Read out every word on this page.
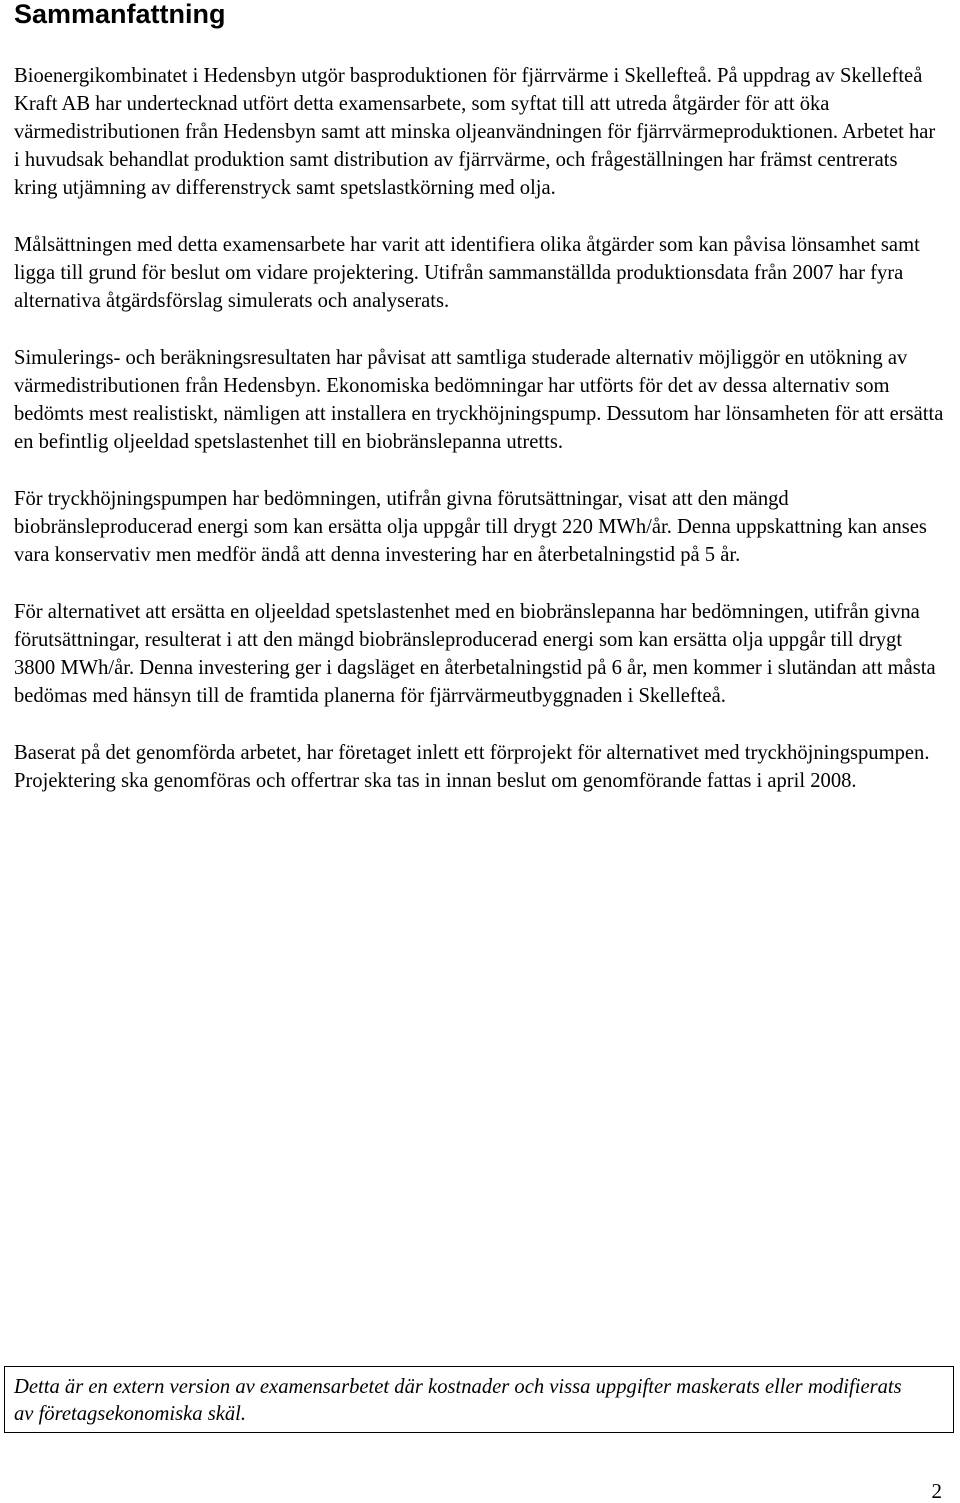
Sammanfattning

Bioenergikombinatet i Hedensbyn utgör basproduktionen för fjärrvärme i Skellefteå. På uppdrag av Skellefteå Kraft AB har undertecknad utfört detta examensarbete, som syftat till att utreda åtgärder för att öka värmedistributionen från Hedensbyn samt att minska oljeanvändningen för fjärrvärmeproduktionen. Arbetet har i huvudsak behandlat produktion samt distribution av fjärrvärme, och frågeställningen har främst centrerats kring utjämning av differenstryck samt spetslastkörning med olja.

Målsättningen med detta examensarbete har varit att identifiera olika åtgärder som kan påvisa lönsamhet samt ligga till grund för beslut om vidare projektering. Utifrån sammanställda produktionsdata från 2007 har fyra alternativa åtgärdsförslag simulerats och analyserats.

Simulerings- och beräkningsresultaten har påvisat att samtliga studerade alternativ möjliggör en utökning av värmedistributionen från Hedensbyn. Ekonomiska bedömningar har utförts för det av dessa alternativ som bedömts mest realistiskt, nämligen att installera en tryckhöjningspump. Dessutom har lönsamheten för att ersätta en befintlig oljeeldad spetslastenhet till en biobränslepanna utretts.

För tryckhöjningspumpen har bedömningen, utifrån givna förutsättningar, visat att den mängd biobränsleproducerad energi som kan ersätta olja uppgår till drygt 220 MWh/år. Denna uppskattning kan anses vara konservativ men medför ändå att denna investering har en återbetalningstid på 5 år.

För alternativet att ersätta en oljeeldad spetslastenhet med en biobränslepanna har bedömningen, utifrån givna förutsättningar, resulterat i att den mängd biobränsleproducerad energi som kan ersätta olja uppgår till drygt 3800 MWh/år. Denna investering ger i dagsläget en återbetalningstid på 6 år, men kommer i slutändan att måsta bedömas med hänsyn till de framtida planerna för fjärrvärmeutbyggnaden i Skellefteå.

Baserat på det genomförda arbetet, har företaget inlett ett förprojekt för alternativet med tryckhöjningspumpen. Projektering ska genomföras och offertrar ska tas in innan beslut om genomförande fattas i april 2008.

Detta är en extern version av examensarbetet där kostnader och vissa uppgifter maskerats eller modifierats av företagsekonomiska skäl.

2
